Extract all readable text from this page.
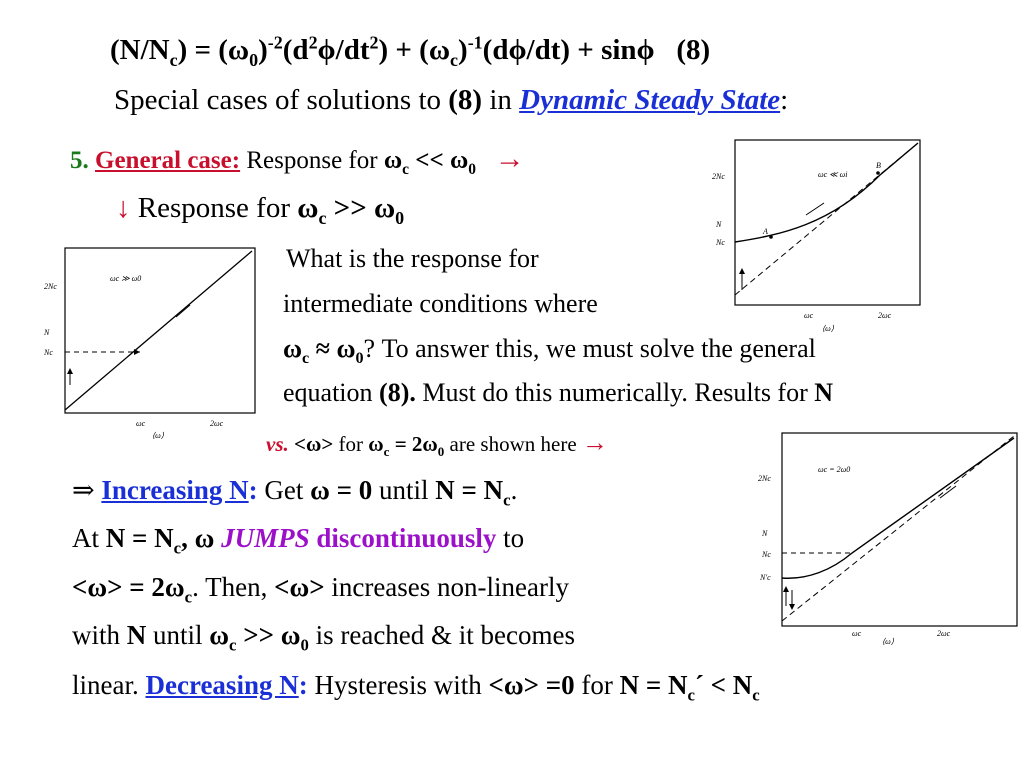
$(N/N_c) = (\omega_0)^{-2}(d^2\phi/dt^2) + (\omega_c)^{-1}(d\phi/dt) + \sin\phi$ (8)
Special cases of solutions to (8) in Dynamic Steady State:
5. General case: Response for $\omega_c << \omega_0$ →
↓ Response for $\omega_c >> \omega_0$
What is the response for
intermediate conditions where
$\omega_c \approx \omega_0$? To answer this, we must solve the general
equation (8). Must do this numerically. Results for N
vs. <ω> for $\omega_c = 2\omega_0$ are shown here →
⇒ Increasing N: Get ω = 0 until $N = N_c$.
At $N = N_c$, ω JUMPS discontinuously to
$<\omega> = 2\omega_c$. Then, <ω> increases non-linearly
with N until $\omega_c >> \omega_0$ is reached & it becomes
linear. Decreasing N: Hysteresis with <ω> =0 for $N = N_c´ < N_c$
ωc ≪ ωi
2Nc
N
Nc
ωc	2ωc
⟨ω⟩
A
B
ωc ≫ ω0
2Nc
N
Nc
ωc	2ωc
⟨ω⟩
ωc = 2ω0
2Nc
N
Nc
N′c
ωc	2ωc
⟨ω⟩
